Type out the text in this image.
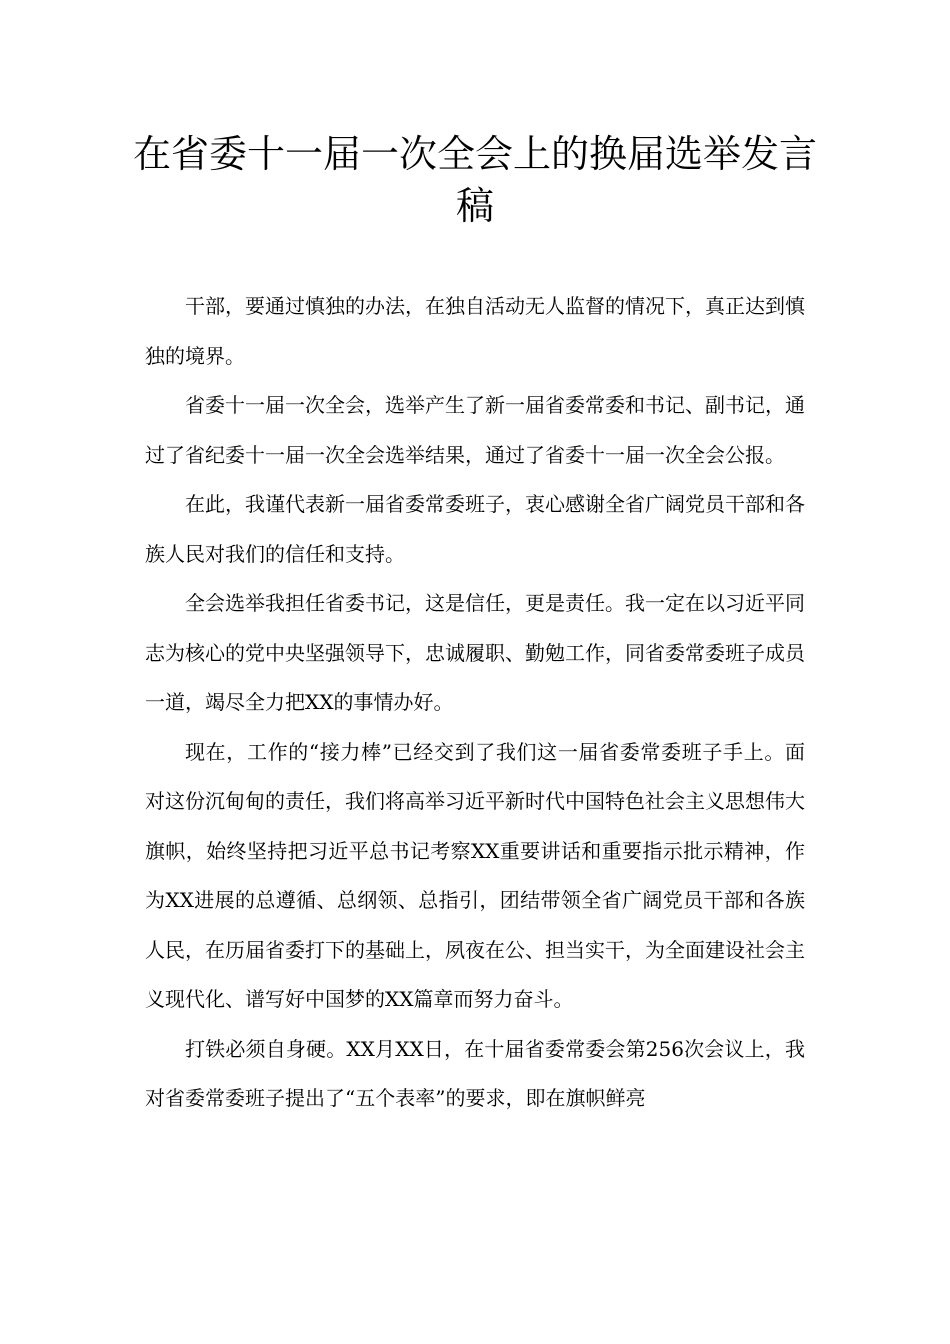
在省委十一届一次全会上的换届选举发言稿

干部，要通过慎独的办法，在独自活动无人监督的情况下，真正达到慎独的境界。

省委十一届一次全会，选举产生了新一届省委常委和书记、副书记，通过了省纪委十一届一次全会选举结果，通过了省委十一届一次全会公报。

在此，我谨代表新一届省委常委班子，衷心感谢全省广阔党员干部和各族人民对我们的信任和支持。

全会选举我担任省委书记，这是信任，更是责任。我一定在以习近平同志为核心的党中央坚强领导下，忠诚履职、勤勉工作，同省委常委班子成员一道，竭尽全力把XX的事情办好。

现在，工作的“接力棒”已经交到了我们这一届省委常委班子手上。面对这份沉甸甸的责任，我们将高举习近平新时代中国特色社会主义思想伟大旗帜，始终坚持把习近平总书记考察XX重要讲话和重要指示批示精神，作为XX进展的总遵循、总纲领、总指引，团结带领全省广阔党员干部和各族人民，在历届省委打下的基础上，夙夜在公、担当实干，为全面建设社会主义现代化、谱写好中国梦的XX篇章而努力奋斗。

打铁必须自身硬。XX月XX日，在十届省委常委会第256次会议上，我对省委常委班子提出了“五个表率”的要求，即在旗帜鲜亮
